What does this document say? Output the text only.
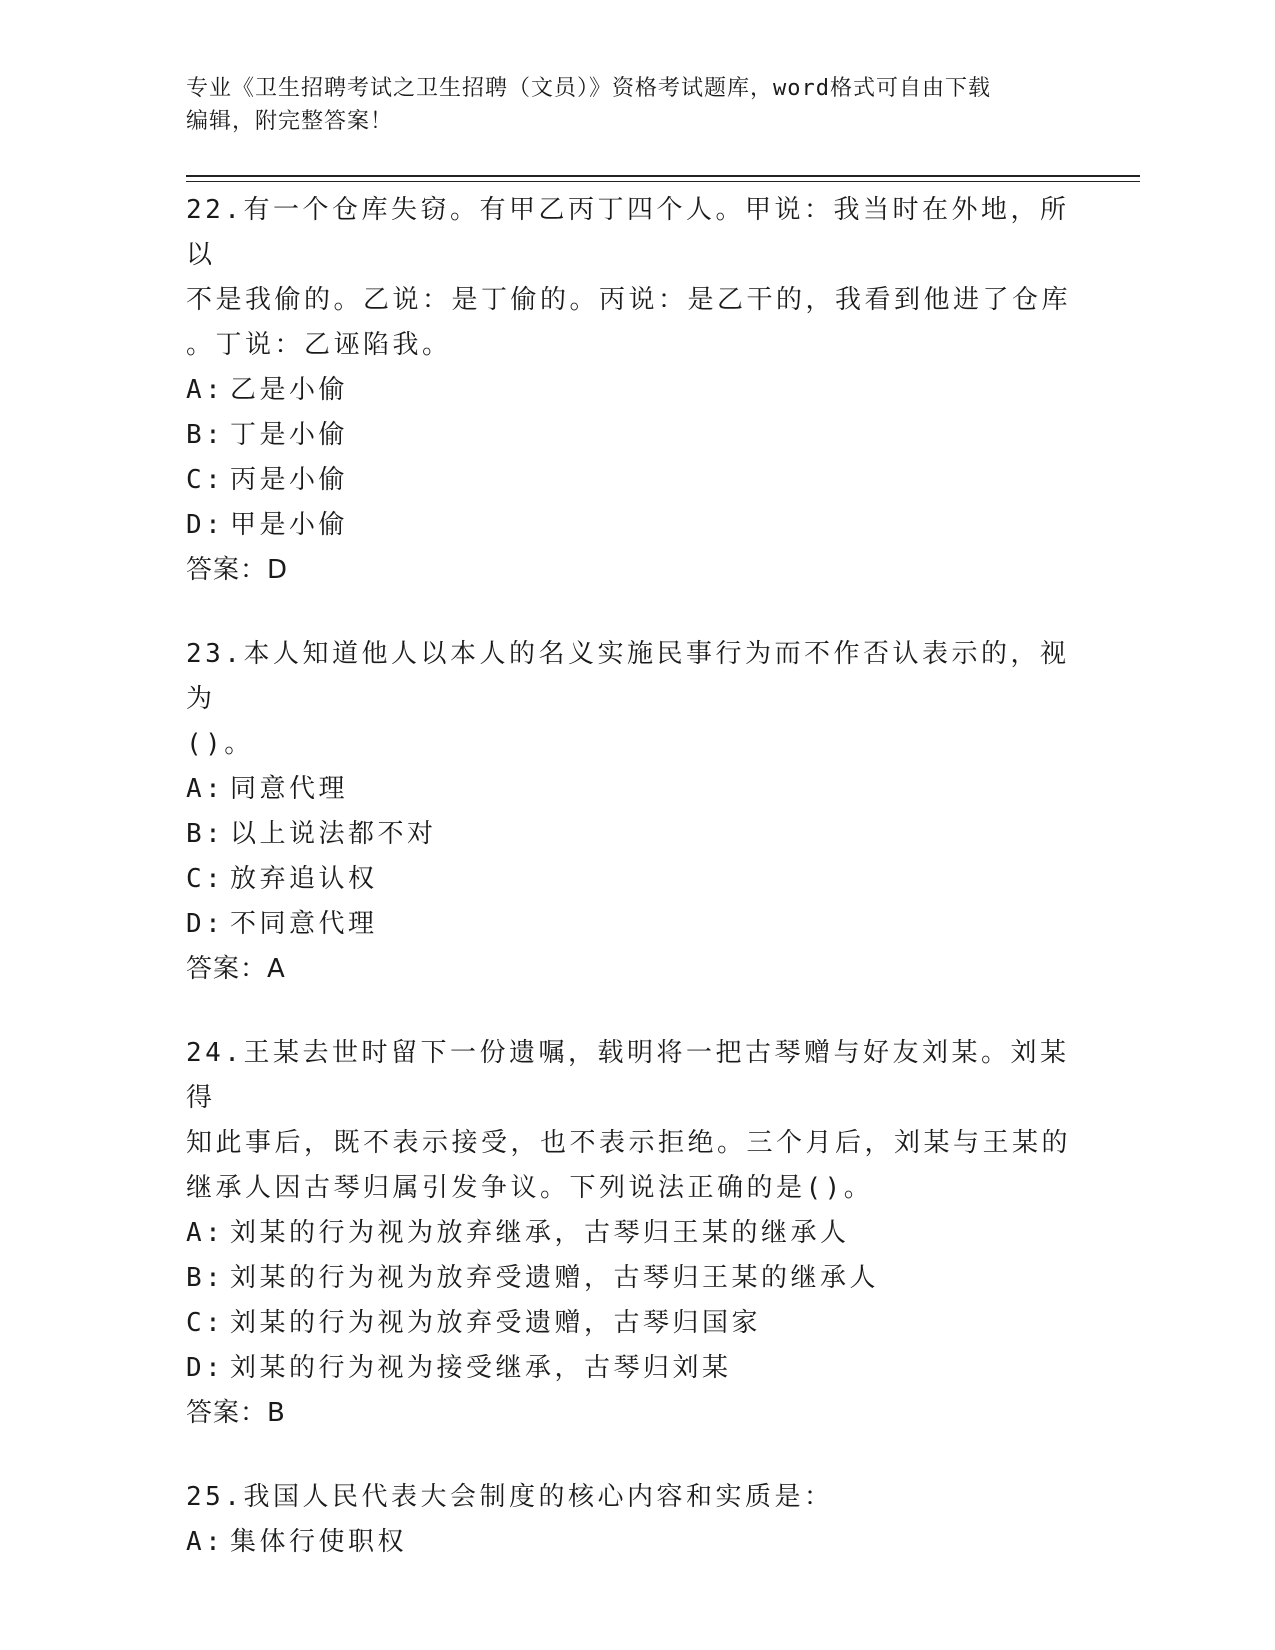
专业《卫生招聘考试之卫生招聘（文员）》资格考试题库，word格式可自由下载
编辑，附完整答案！

22.有一个仓库失窃。有甲乙丙丁四个人。甲说：我当时在外地，所以
不是我偷的。乙说：是丁偷的。丙说：是乙干的，我看到他进了仓库
。丁说：乙诬陷我。

A: 乙是小偷
B: 丁是小偷
C: 丙是小偷
D: 甲是小偷

答案：D

23.本人知道他人以本人的名义实施民事行为而不作否认表示的，视为
()。

A: 同意代理
B: 以上说法都不对
C: 放弃追认权
D: 不同意代理

答案：A

24.王某去世时留下一份遗嘱，载明将一把古琴赠与好友刘某。刘某得
知此事后，既不表示接受，也不表示拒绝。三个月后，刘某与王某的
继承人因古琴归属引发争议。下列说法正确的是()。

A: 刘某的行为视为放弃继承，古琴归王某的继承人
B: 刘某的行为视为放弃受遗赠，古琴归王某的继承人
C: 刘某的行为视为放弃受遗赠，古琴归国家
D: 刘某的行为视为接受继承，古琴归刘某

答案：B

25.我国人民代表大会制度的核心内容和实质是：

A: 集体行使职权
